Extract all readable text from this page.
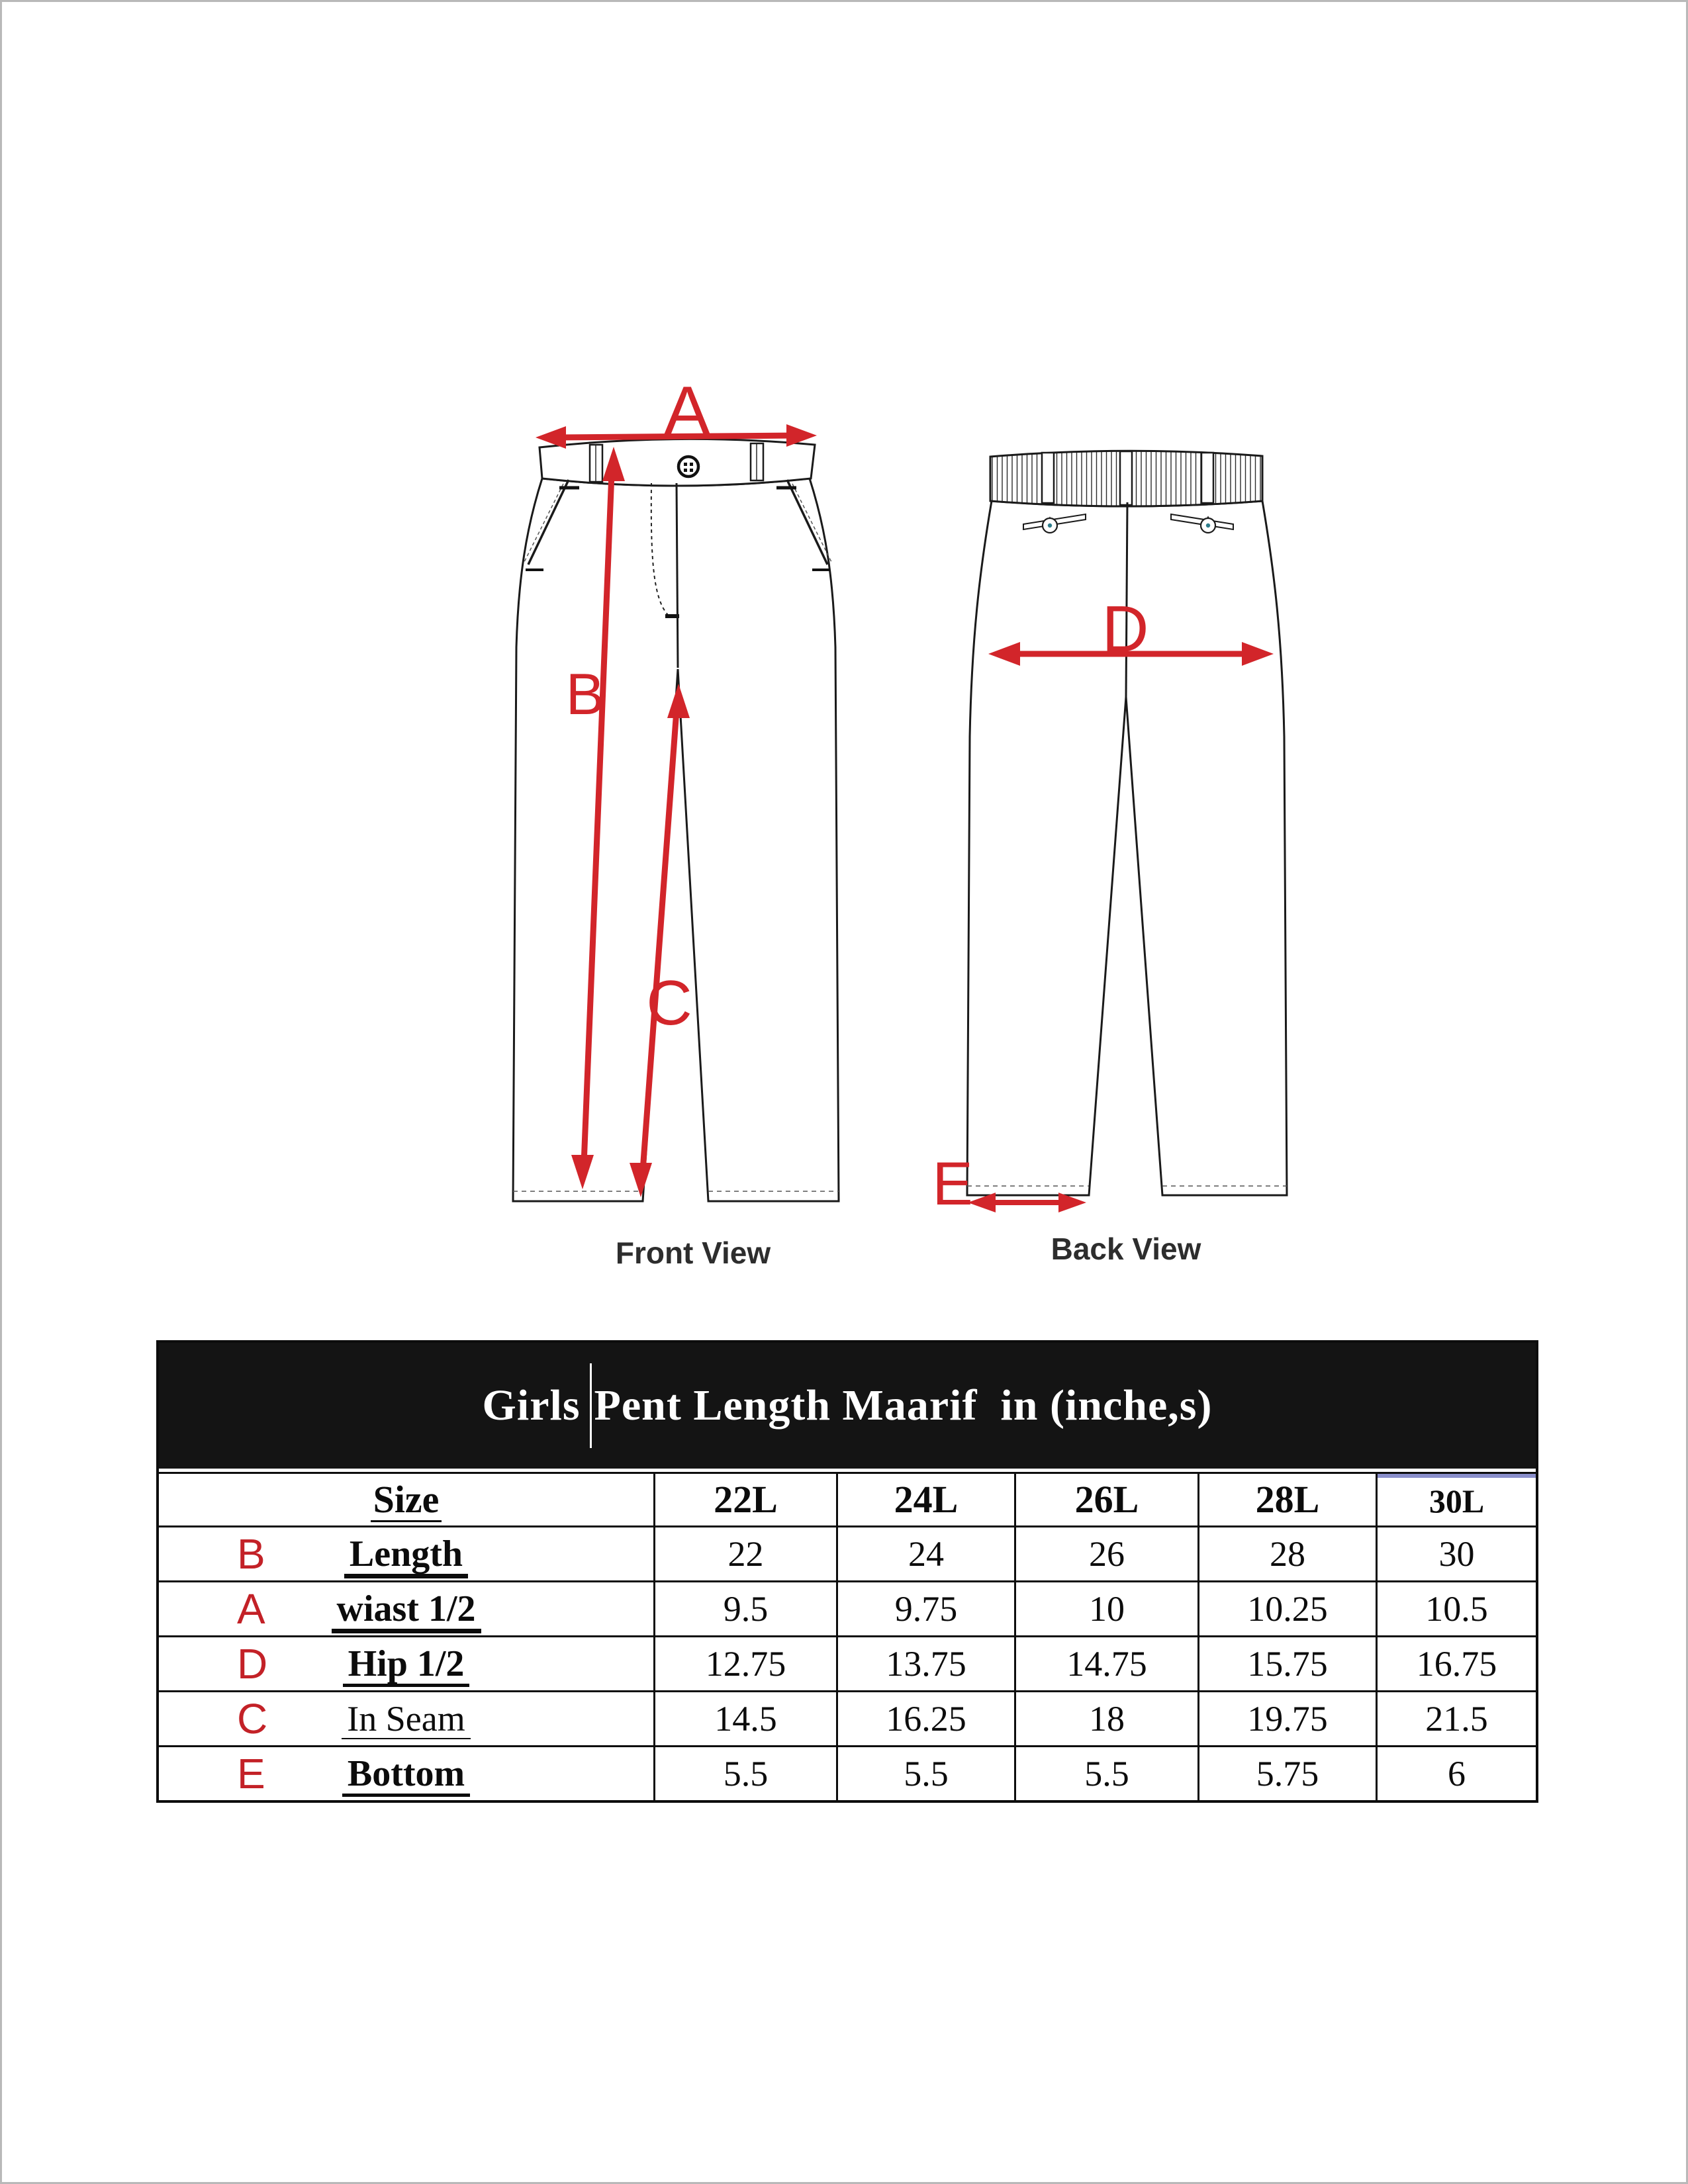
A
B
C
D
E
Front View	Back View
Girls Pent Length Maarif  in (inche,s)
Size	22L	24L	26L	28L	30L
B Length	22	24	26	28	30
A wiast 1/2	9.5	9.75	10	10.25	10.5
D Hip 1/2	12.75	13.75	14.75	15.75	16.75
C In Seam	14.5	16.25	18	19.75	21.5
E Bottom	5.5	5.5	5.5	5.75	6
